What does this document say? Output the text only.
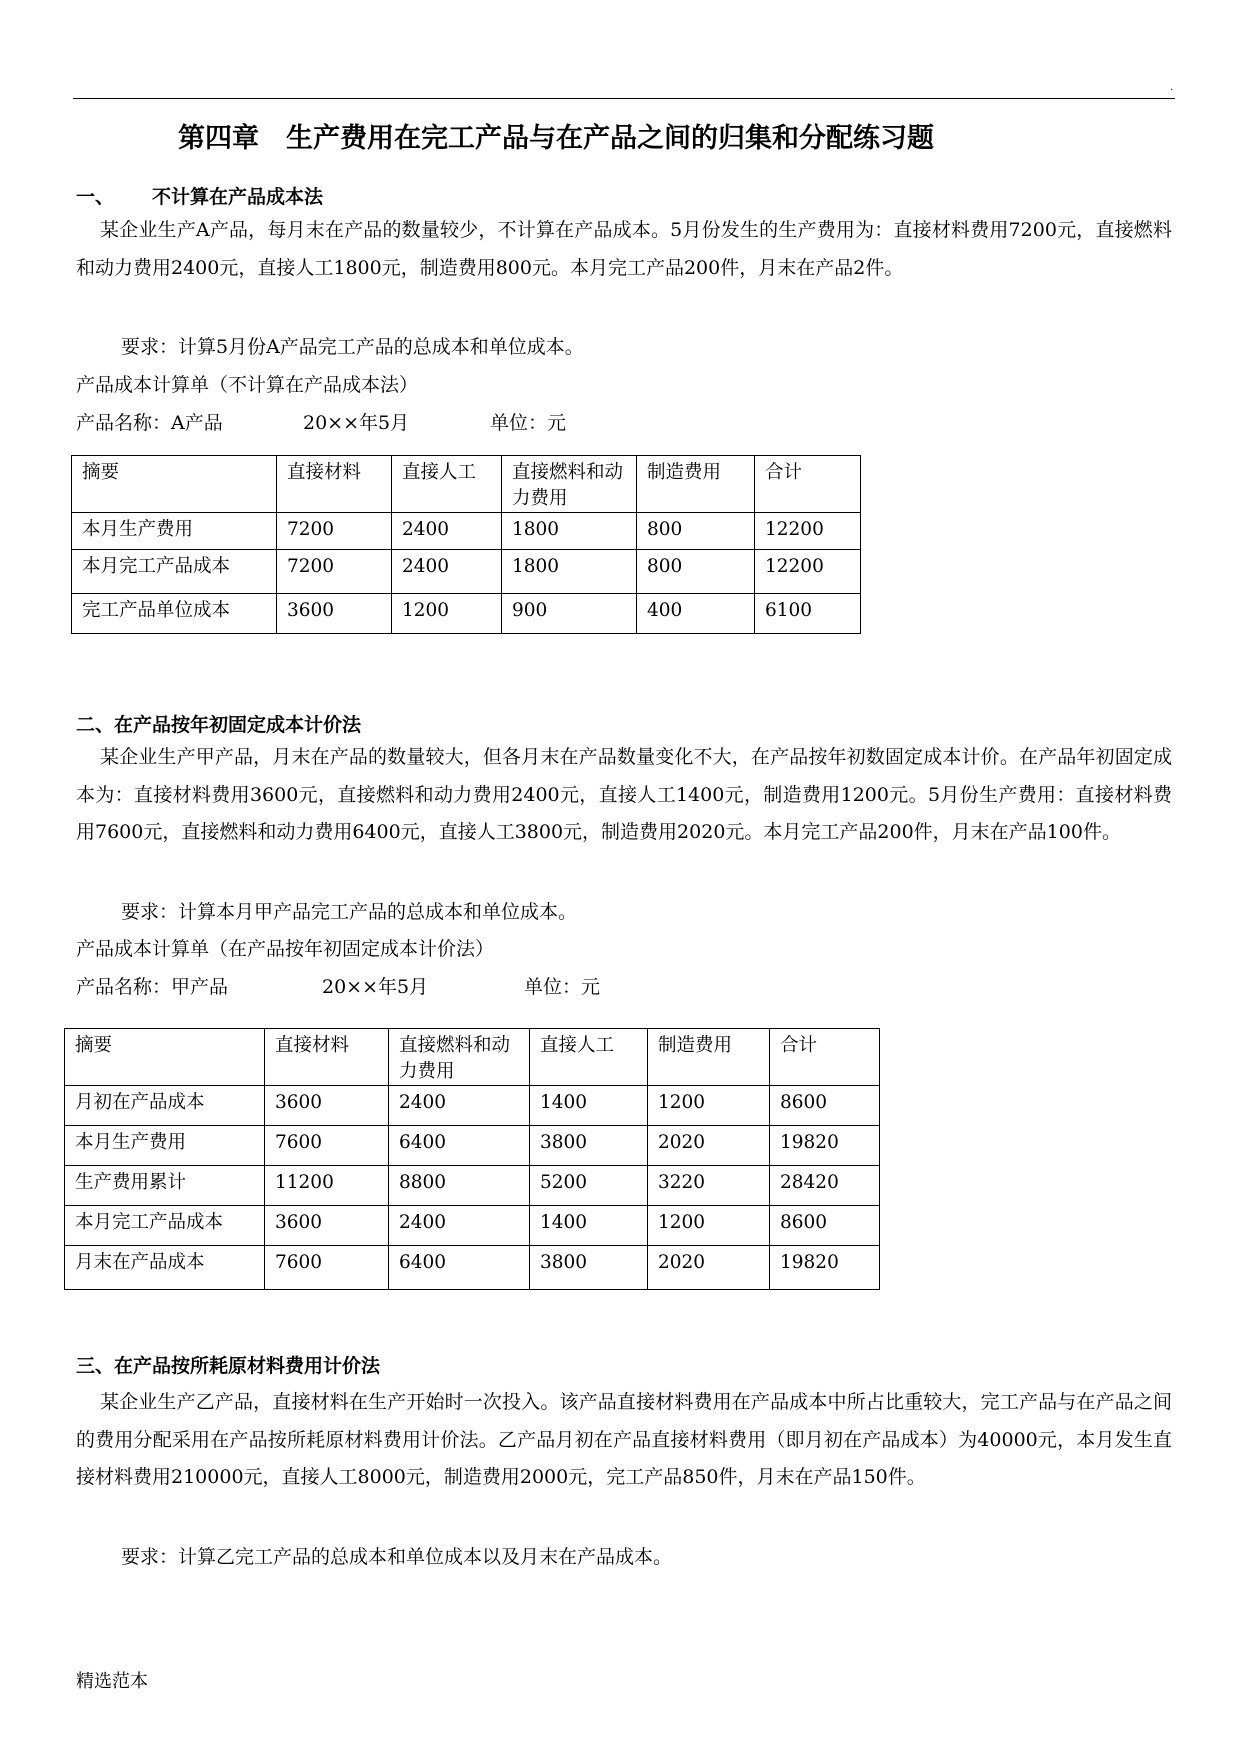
.
第四章　生产费用在完工产品与在产品之间的归集和分配练习题
一、 不计算在产品成本法
某企业生产A产品，每月末在产品的数量较少，不计算在产品成本。5月份发生的生产费用为：直接材料费用7200元，直接燃料和动力费用2400元，直接人工1800元，制造费用800元。本月完工产品200件，月末在产品2件。
要求：计算5月份A产品完工产品的总成本和单位成本。
产品成本计算单（不计算在产品成本法）
产品名称：A产品	20××年5月	单位：元
摘要	直接材料	直接人工	直接燃料和动力费用	制造费用	合计
本月生产费用	7200	2400	1800	800	12200
本月完工产品成本	7200	2400	1800	800	12200
完工产品单位成本	3600	1200	900	400	6100
二、在产品按年初固定成本计价法
某企业生产甲产品，月末在产品的数量较大，但各月末在产品数量变化不大，在产品按年初数固定成本计价。在产品年初固定成本为：直接材料费用3600元，直接燃料和动力费用2400元，直接人工1400元，制造费用1200元。5月份生产费用：直接材料费用7600元，直接燃料和动力费用6400元，直接人工3800元，制造费用2020元。本月完工产品200件，月末在产品100件。
要求：计算本月甲产品完工产品的总成本和单位成本。
产品成本计算单（在产品按年初固定成本计价法）
产品名称：甲产品	20××年5月	单位：元
摘要	直接材料	直接燃料和动力费用	直接人工	制造费用	合计
月初在产品成本	3600	2400	1400	1200	8600
本月生产费用	7600	6400	3800	2020	19820
生产费用累计	11200	8800	5200	3220	28420
本月完工产品成本	3600	2400	1400	1200	8600
月末在产品成本	7600	6400	3800	2020	19820
三、在产品按所耗原材料费用计价法
某企业生产乙产品，直接材料在生产开始时一次投入。该产品直接材料费用在产品成本中所占比重较大，完工产品与在产品之间的费用分配采用在产品按所耗原材料费用计价法。乙产品月初在产品直接材料费用（即月初在产品成本）为40000元，本月发生直接材料费用210000元，直接人工8000元，制造费用2000元，完工产品850件，月末在产品150件。
要求：计算乙完工产品的总成本和单位成本以及月末在产品成本。
精选范本
